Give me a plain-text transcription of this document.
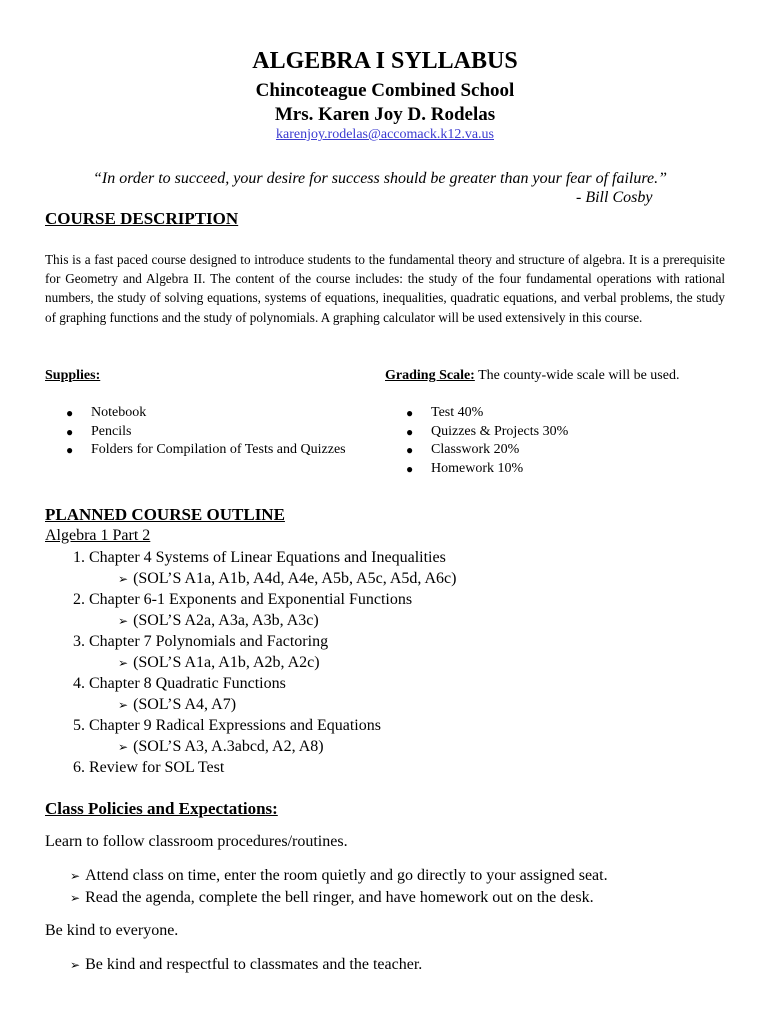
ALGEBRA I SYLLABUS
Chincoteague Combined School
Mrs. Karen Joy D. Rodelas
karenjoy.rodelas@accomack.k12.va.us
“In order to succeed, your desire for success should be greater than your fear of failure.”
- Bill Cosby
COURSE DESCRIPTION
This is a fast paced course designed to introduce students to the fundamental theory and structure of algebra. It is a prerequisite for Geometry and Algebra II. The content of the course includes: the study of the four fundamental operations with rational numbers, the study of solving equations, systems of equations, inequalities, quadratic equations, and verbal problems, the study of graphing functions and the study of polynomials. A graphing calculator will be used extensively in this course.
Supplies:	Grading Scale: The county-wide scale will be used.
● Notebook
● Pencils
● Folders for Compilation of Tests and Quizzes
● Test 40%
● Quizzes & Projects 30%
● Classwork 20%
● Homework 10%
PLANNED COURSE OUTLINE
Algebra 1 Part 2
1. Chapter 4 Systems of Linear Equations and Inequalities
➢ (SOL’S A1a, A1b, A4d, A4e, A5b, A5c, A5d, A6c)
2. Chapter 6-1 Exponents and Exponential Functions
➢ (SOL’S A2a, A3a, A3b, A3c)
3. Chapter 7 Polynomials and Factoring
➢ (SOL’S A1a, A1b, A2b, A2c)
4. Chapter 8 Quadratic Functions
➢ (SOL’S A4, A7)
5. Chapter 9 Radical Expressions and Equations
➢ (SOL’S A3, A.3abcd, A2, A8)
6. Review for SOL Test
Class Policies and Expectations:
Learn to follow classroom procedures/routines.
➢ Attend class on time, enter the room quietly and go directly to your assigned seat.
➢ Read the agenda, complete the bell ringer, and have homework out on the desk.
Be kind to everyone.
➢ Be kind and respectful to classmates and the teacher.
